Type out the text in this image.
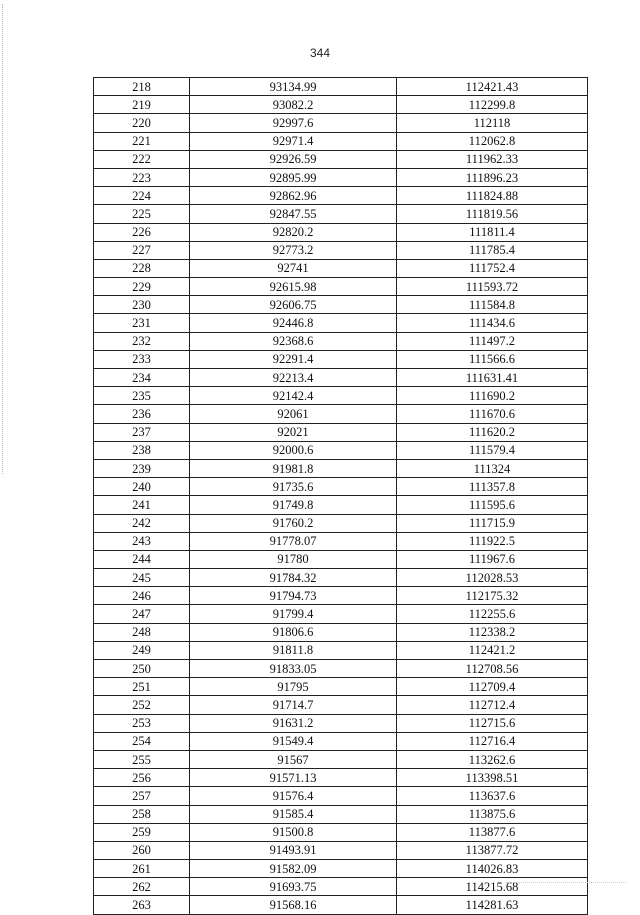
344
218	93134.99	112421.43
219	93082.2	112299.8
220	92997.6	112118
221	92971.4	112062.8
222	92926.59	111962.33
223	92895.99	111896.23
224	92862.96	111824.88
225	92847.55	111819.56
226	92820.2	111811.4
227	92773.2	111785.4
228	92741	111752.4
229	92615.98	111593.72
230	92606.75	111584.8
231	92446.8	111434.6
232	92368.6	111497.2
233	92291.4	111566.6
234	92213.4	111631.41
235	92142.4	111690.2
236	92061	111670.6
237	92021	111620.2
238	92000.6	111579.4
239	91981.8	111324
240	91735.6	111357.8
241	91749.8	111595.6
242	91760.2	111715.9
243	91778.07	111922.5
244	91780	111967.6
245	91784.32	112028.53
246	91794.73	112175.32
247	91799.4	112255.6
248	91806.6	112338.2
249	91811.8	112421.2
250	91833.05	112708.56
251	91795	112709.4
252	91714.7	112712.4
253	91631.2	112715.6
254	91549.4	112716.4
255	91567	113262.6
256	91571.13	113398.51
257	91576.4	113637.6
258	91585.4	113875.6
259	91500.8	113877.6
260	91493.91	113877.72
261	91582.09	114026.83
262	91693.75	114215.68
263	91568.16	114281.63
